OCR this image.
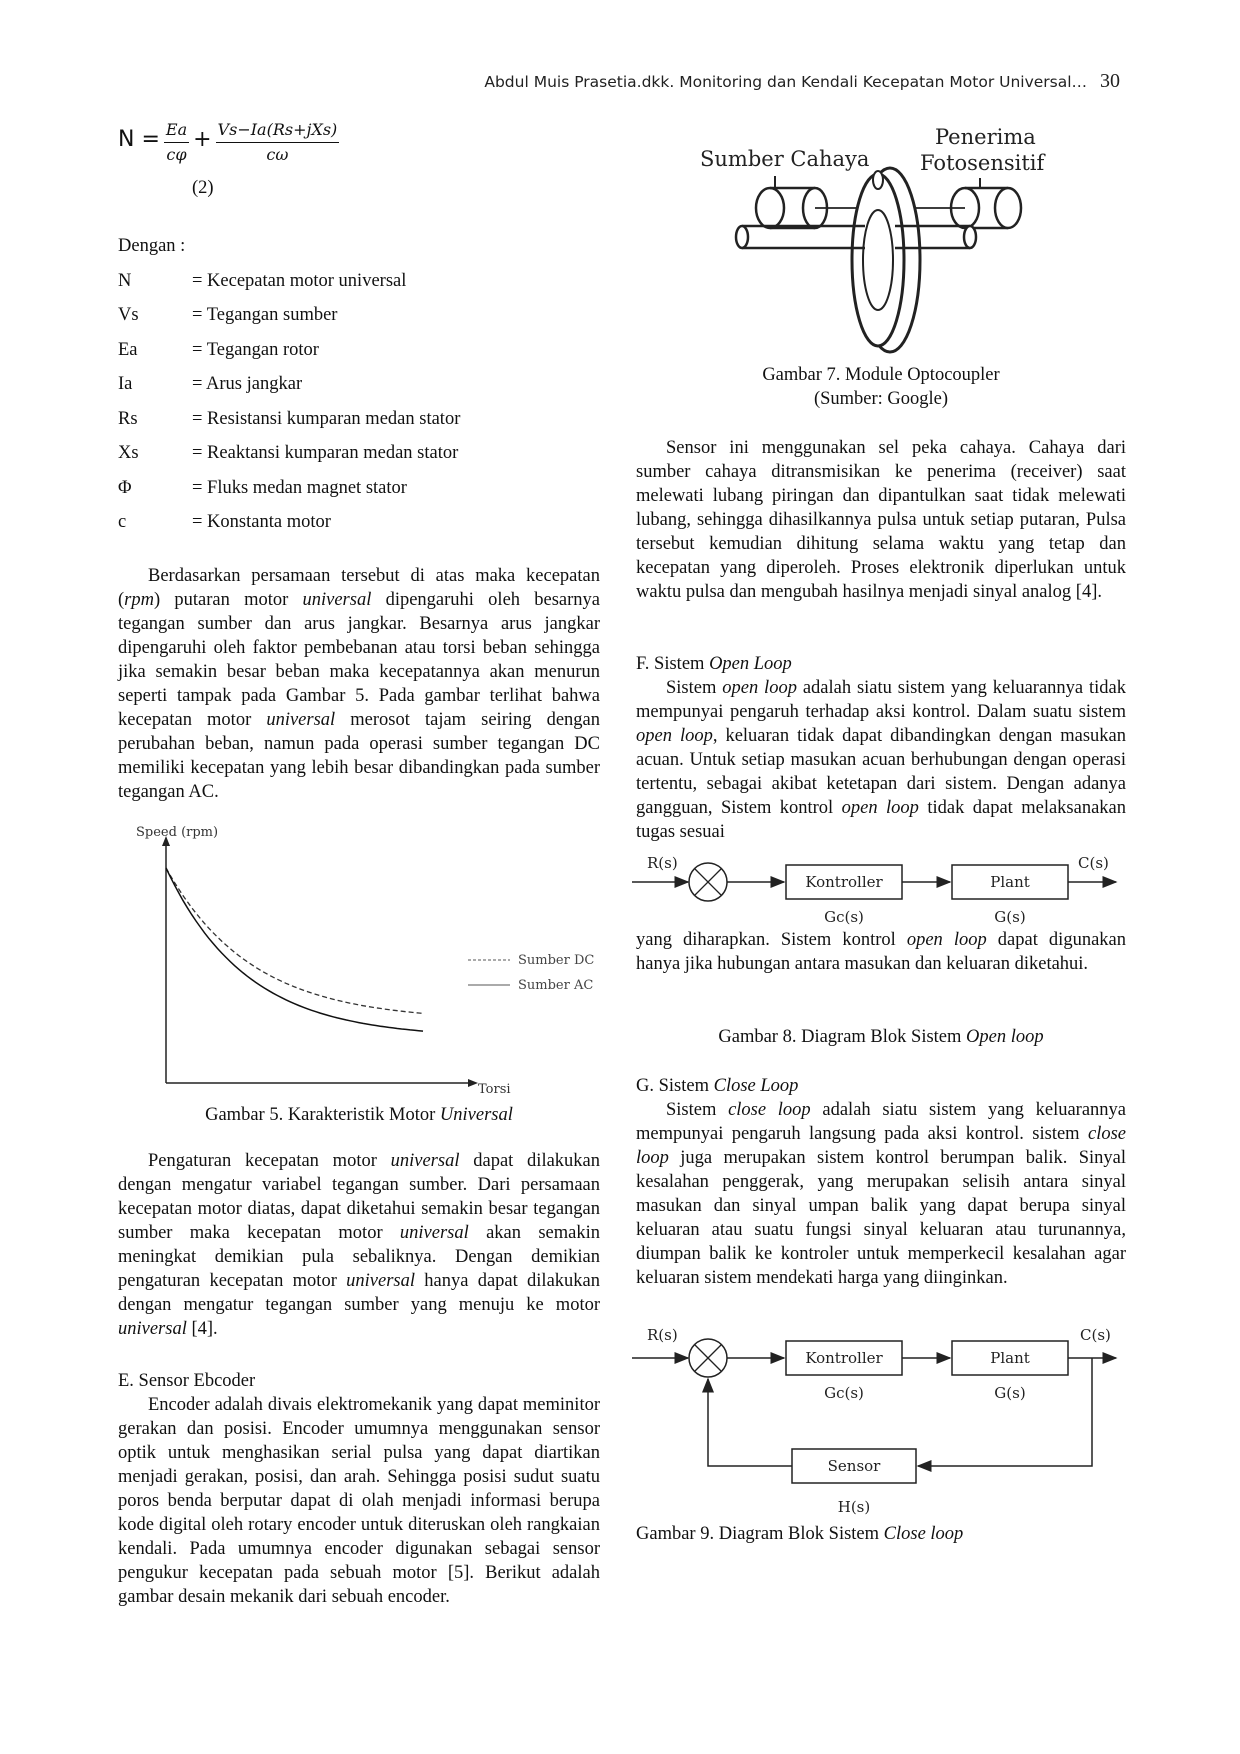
Abdul Muis Prasetia.dkk. Monitoring dan Kendali Kecepatan Motor Universal… 30
$N = \frac{Ea}{c\varphi} + \frac{\text{Vs−Ia(Rs+jXs)}}{c\omega}$
(2)
Dengan :
N	= Kecepatan motor universal
Vs	= Tegangan sumber
Ea	= Tegangan rotor
Ia	= Arus jangkar
Rs	= Resistansi kumparan medan stator
Xs	= Reaktansi kumparan medan stator
Φ	= Fluks medan magnet stator
c	= Konstanta motor

Berdasarkan persamaan tersebut di atas maka kecepatan (rpm) putaran motor universal dipengaruhi oleh besarnya tegangan sumber dan arus jangkar. Besarnya arus jangkar dipengaruhi oleh faktor pembebanan atau torsi beban sehingga jika semakin besar beban maka kecepatannya akan menurun seperti tampak pada Gambar 5. Pada gambar terlihat bahwa kecepatan motor universal merosot tajam seiring dengan perubahan beban, namun pada operasi sumber tegangan DC memiliki kecepatan yang lebih besar dibandingkan pada sumber tegangan AC.

Speed (rpm)
Torsi
Sumber DC
Sumber AC
Gambar 5. Karakteristik Motor Universal

Pengaturan kecepatan motor universal dapat dilakukan dengan mengatur variabel tegangan sumber. Dari persamaan kecepatan motor diatas, dapat diketahui semakin besar tegangan sumber maka kecepatan motor universal akan semakin meningkat demikian pula sebaliknya. Dengan demikian pengaturan kecepatan motor universal hanya dapat dilakukan dengan mengatur tegangan sumber yang menuju ke motor universal [4].

E. Sensor Ebcoder

Encoder adalah divais elektromekanik yang dapat meminitor gerakan dan posisi. Encoder umumnya menggunakan sensor optik untuk menghasikan serial pulsa yang dapat diartikan menjadi gerakan, posisi, dan arah. Sehingga posisi sudut suatu poros benda berputar dapat di olah menjadi informasi berupa kode digital oleh rotary encoder untuk diteruskan oleh rangkaian kendali. Pada umumnya encoder digunakan sebagai sensor pengukur kecepatan pada sebuah motor [5]. Berikut adalah gambar desain mekanik dari sebuah encoder.

Sumber Cahaya
Penerima
Fotosensitif
Gambar 7. Module Optocoupler
(Sumber: Google)

Sensor ini menggunakan sel peka cahaya. Cahaya dari sumber cahaya ditransmisikan ke penerima (receiver) saat melewati lubang piringan dan dipantulkan saat tidak melewati lubang, sehingga dihasilkannya pulsa untuk setiap putaran, Pulsa tersebut kemudian dihitung selama waktu yang tetap dan kecepatan yang diperoleh. Proses elektronik diperlukan untuk waktu pulsa dan mengubah hasilnya menjadi sinyal analog [4].

F. Sistem Open Loop

Sistem open loop adalah siatu sistem yang keluarannya tidak mempunyai pengaruh terhadap aksi kontrol. Dalam suatu sistem open loop, keluaran tidak dapat dibandingkan dengan masukan acuan. Untuk setiap masukan acuan berhubungan dengan operasi tertentu, sebagai akibat ketetapan dari sistem. Dengan adanya gangguan, Sistem kontrol open loop tidak dapat melaksanakan tugas sesuai

R(s)
Kontroller
Gc(s)
Plant
G(s)
C(s)

yang diharapkan. Sistem kontrol open loop dapat digunakan hanya jika hubungan antara masukan dan keluaran diketahui.

Gambar 8. Diagram Blok Sistem Open loop
G. Sistem Close Loop

Sistem close loop adalah siatu sistem yang keluarannya mempunyai pengaruh langsung pada aksi kontrol. sistem close loop juga merupakan sistem kontrol berumpan balik. Sinyal kesalahan penggerak, yang merupakan selisih antara sinyal masukan dan sinyal umpan balik yang dapat berupa sinyal keluaran atau suatu fungsi sinyal keluaran atau turunannya, diumpan balik ke kontroler untuk memperkecil kesalahan agar keluaran sistem mendekati harga yang diinginkan.

R(s)
Kontroller
Gc(s)
Plant
G(s)
C(s)
Sensor
H(s)
Gambar 9. Diagram Blok Sistem Close loop
